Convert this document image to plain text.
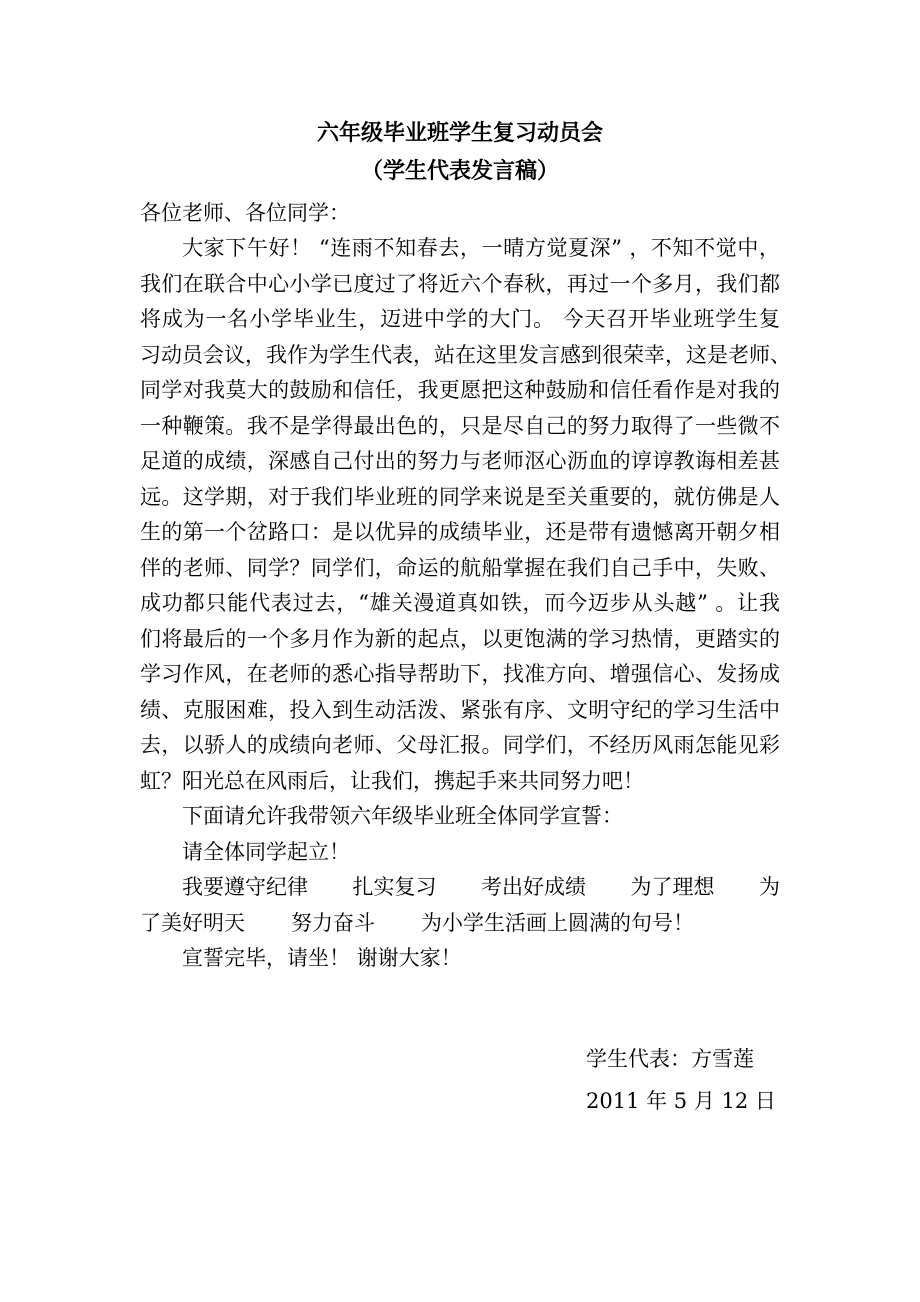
六年级毕业班学生复习动员会
（学生代表发言稿）
各位老师、各位同学：
大家下午好！ “连雨不知春去，一晴方觉夏深” ，不知不觉中，
我们在联合中心小学已度过了将近六个春秋，再过一个多月，我们都
将成为一名小学毕业生，迈进中学的大门。 今天召开毕业班学生复
习动员会议，我作为学生代表，站在这里发言感到很荣幸，这是老师、
同学对我莫大的鼓励和信任，我更愿把这种鼓励和信任看作是对我的
一种鞭策。我不是学得最出色的，只是尽自己的努力取得了一些微不
足道的成绩，深感自己付出的努力与老师沤心沥血的谆谆教诲相差甚
远。这学期，对于我们毕业班的同学来说是至关重要的，就仿佛是人
生的第一个岔路口：是以优异的成绩毕业，还是带有遗憾离开朝夕相
伴的老师、同学？同学们，命运的航船掌握在我们自己手中，失败、
成功都只能代表过去，“雄关漫道真如铁，而今迈步从头越” 。让我
们将最后的一个多月作为新的起点，以更饱满的学习热情，更踏实的
学习作风，在老师的悉心指导帮助下，找准方向、增强信心、发扬成
绩、克服困难，投入到生动活泼、紧张有序、文明守纪的学习生活中
去，以骄人的成绩向老师、父母汇报。同学们，不经历风雨怎能见彩
虹？阳光总在风雨后，让我们，携起手来共同努力吧！
下面请允许我带领六年级毕业班全体同学宣誓：
请全体同学起立！
我要遵守纪律 扎实复习 考出好成绩 为了理想 为
了美好明天 努力奋斗 为小学生活画上圆满的句号！
宣誓完毕，请坐！ 谢谢大家！
学生代表：方雪莲
2011 年 5 月 12 日
